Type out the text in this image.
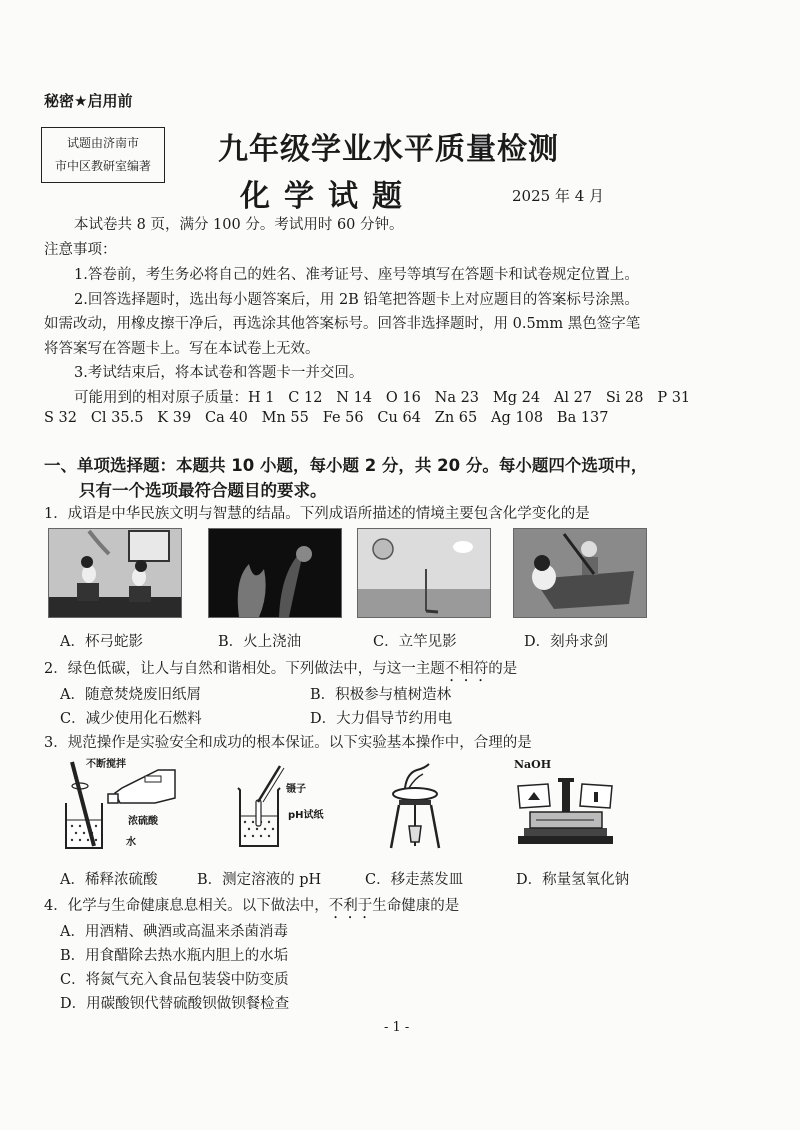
秘密★启用前
试题由济南市
市中区教研室编著	九年级学业水平质量检测
化学试题	2025 年 4 月
本试卷共 8 页，满分 100 分。考试用时 60 分钟。
注意事项：
1.答卷前，考生务必将自己的姓名、准考证号、座号等填写在答题卡和试卷规定位置上。
2.回答选择题时，选出每小题答案后，用 2B 铅笔把答题卡上对应题目的答案标号涂黑。
如需改动，用橡皮擦干净后，再选涂其他答案标号。回答非选择题时，用 0.5mm 黑色签字笔
将答案写在答题卡上。写在本试卷上无效。
3.考试结束后，将本试卷和答题卡一并交回。
可能用到的相对原子质量：H 1   C 12   N 14   O 16   Na 23   Mg 24   Al 27   Si 28   P 31
S 32   Cl 35.5   K 39   Ca 40   Mn 55   Fe 56   Cu 64   Zn 65   Ag 108   Ba 137
一、单项选择题：本题共 10 小题，每小题 2 分，共 20 分。每小题四个选项中，
只有一个选项最符合题目的要求。
1．成语是中华民族文明与智慧的结晶。下列成语所描述的情境主要包含化学变化的是
A．杯弓蛇影	B．火上浇油	C．立竿见影	D．刻舟求剑
2．绿色低碳，让人与自然和谐相处。下列做法中，与这一主题不相符的是
A．随意焚烧废旧纸屑	B．积极参与植树造林
C．减少使用化石燃料	D．大力倡导节约用电
3．规范操作是实验安全和成功的根本保证。以下实验基本操作中，合理的是
不断搅拌
浓硫酸
水
镊子
pH试纸
NaOH
A．稀释浓硫酸	B．测定溶液的 pH	C．移走蒸发皿	D．称量氢氧化钠
4．化学与生命健康息息相关。以下做法中，不利于生命健康的是
A．用酒精、碘酒或高温来杀菌消毒
B．用食醋除去热水瓶内胆上的水垢
C．将氮气充入食品包装袋中防变质
D．用碳酸钡代替硫酸钡做钡餐检查
- 1 -
